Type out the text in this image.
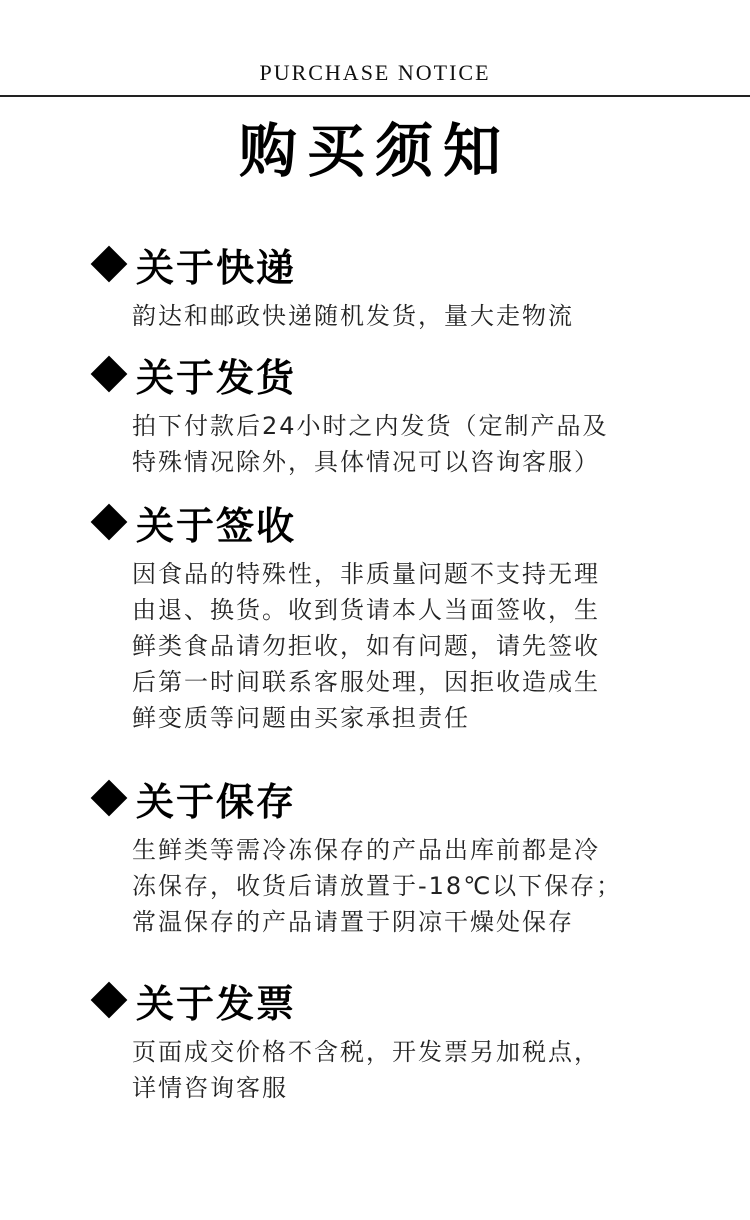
PURCHASE NOTICE
购买须知
关于快递
韵达和邮政快递随机发货，量大走物流
关于发货
拍下付款后24小时之内发货（定制产品及
特殊情况除外，具体情况可以咨询客服）
关于签收
因食品的特殊性，非质量问题不支持无理
由退、换货。收到货请本人当面签收，生
鲜类食品请勿拒收，如有问题，请先签收
后第一时间联系客服处理，因拒收造成生
鲜变质等问题由买家承担责任
关于保存
生鲜类等需冷冻保存的产品出库前都是冷
冻保存，收货后请放置于-18℃以下保存；
常温保存的产品请置于阴凉干燥处保存
关于发票
页面成交价格不含税，开发票另加税点，
详情咨询客服
